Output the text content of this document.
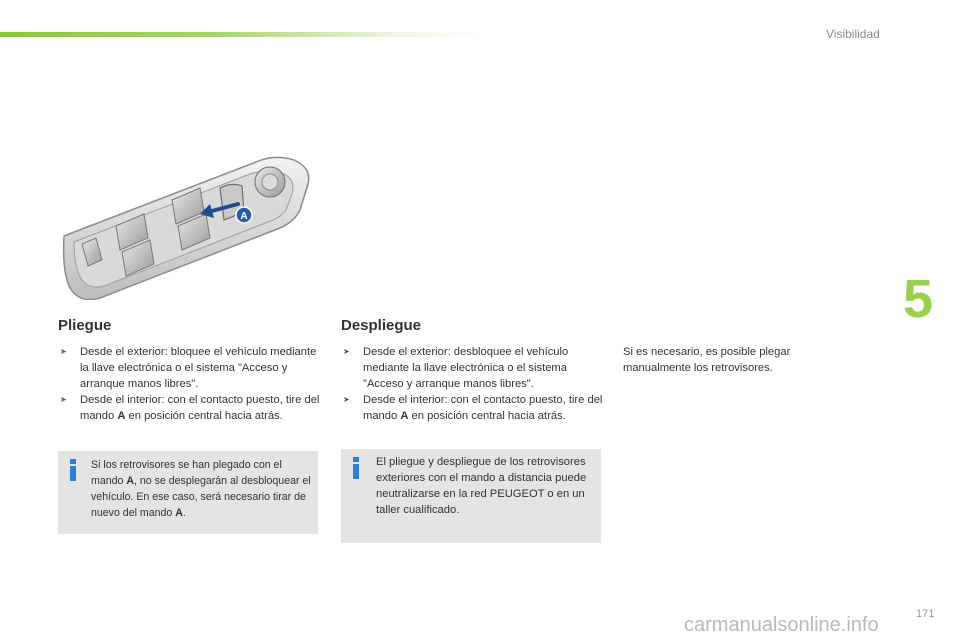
Visibilidad
5
A
Pliegue
➤ Desde el exterior: bloquee el vehículo mediante la llave electrónica o el sistema "Acceso y arranque manos libres".
➤ Desde el interior: con el contacto puesto, tire del mando A en posición central hacia atrás.
Si los retrovisores se han plegado con el mando A, no se desplegarán al desbloquear el vehículo. En ese caso, será necesario tirar de nuevo del mando A.
Despliegue
➤ Desde el exterior: desbloquee el vehículo mediante la llave electrónica o el sistema "Acceso y arranque manos libres".
➤ Desde el interior: con el contacto puesto, tire del mando A en posición central hacia atrás.
El pliegue y despliegue de los retrovisores exteriores con el mando a distancia puede neutralizarse en la red PEUGEOT o en un taller cualificado.
Si es necesario, es posible plegar manualmente los retrovisores.
171
carmanualsonline.info
